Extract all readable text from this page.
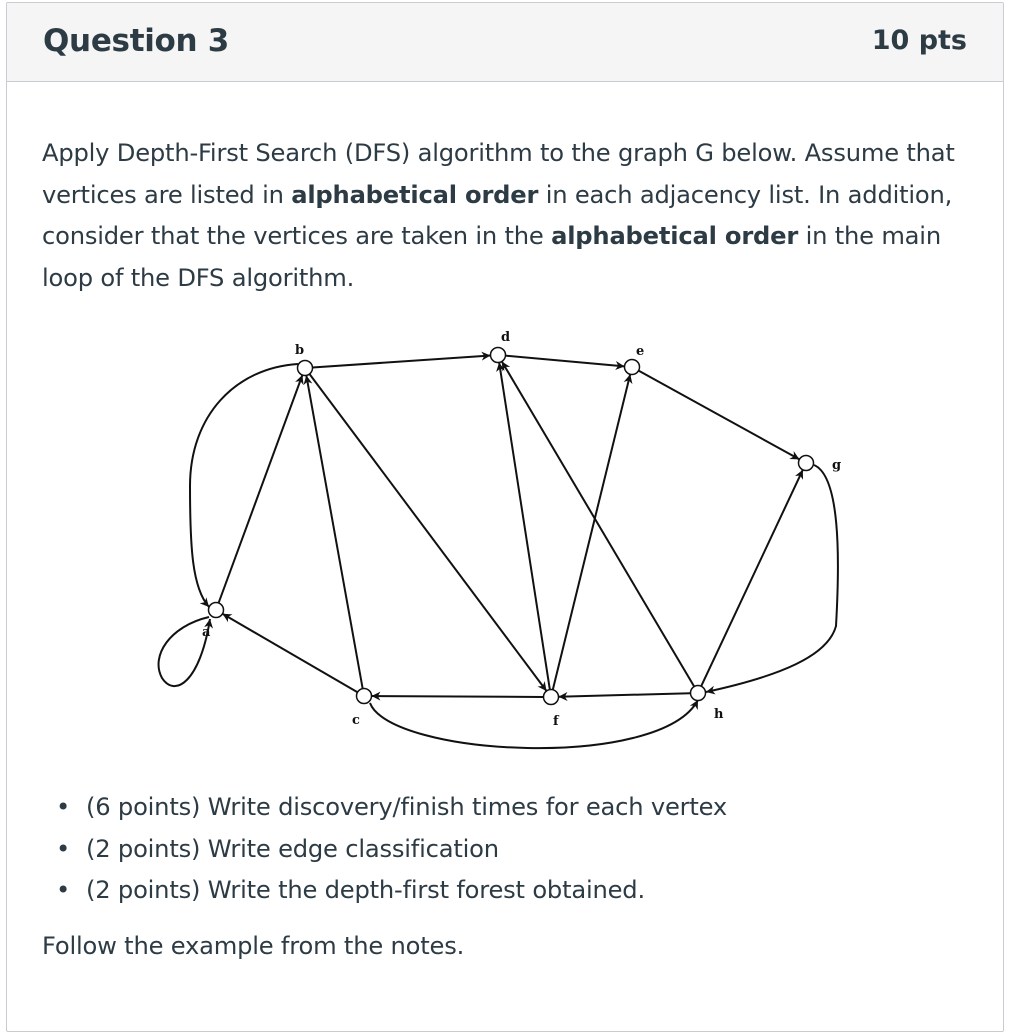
Question 3	10 pts
Apply Depth-First Search (DFS) algorithm to the graph G below. Assume that vertices are listed in alphabetical order in each adjacency list. In addition, consider that the vertices are taken in the alphabetical order in the main loop of the DFS algorithm.
a
b
c
d
e
f
g
h
• (6 points) Write discovery/finish times for each vertex
• (2 points) Write edge classification
• (2 points) Write the depth-first forest obtained.
Follow the example from the notes.
